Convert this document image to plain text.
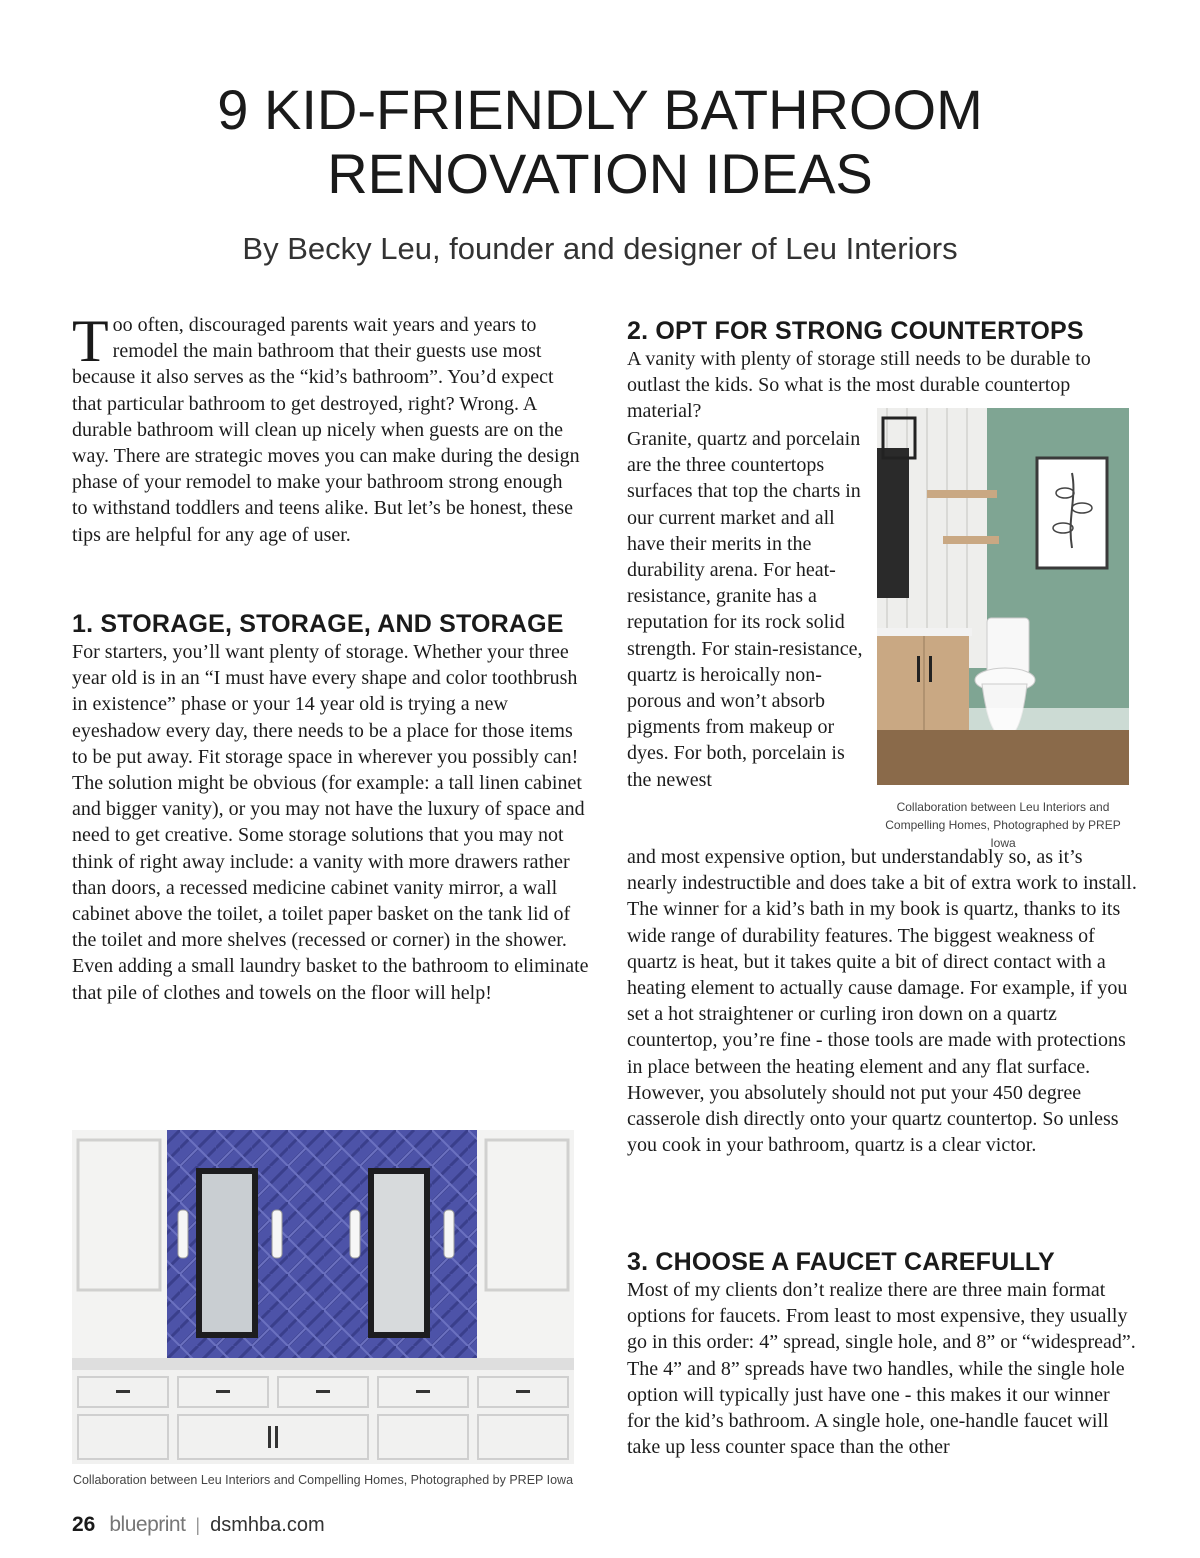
9 KID-FRIENDLY BATHROOM
RENOVATION IDEAS
By Becky Leu, founder and designer of Leu Interiors
Too often, discouraged parents wait years and years to remodel the main bathroom that their guests use most because it also serves as the “kid’s bathroom”. You’d expect that particular bathroom to get destroyed, right? Wrong. A durable bathroom will clean up nicely when guests are on the way. There are strategic moves you can make during the design phase of your remodel to make your bathroom strong enough to withstand toddlers and teens alike. But let’s be honest, these tips are helpful for any age of user.
1. STORAGE, STORAGE, AND STORAGE
For starters, you’ll want plenty of storage. Whether your three year old is in an “I must have every shape and color toothbrush in existence” phase or your 14 year old is trying a new eyeshadow every day, there needs to be a place for those items to be put away. Fit storage space in wherever you possibly can! The solution might be obvious (for example: a tall linen cabinet and bigger vanity), or you may not have the luxury of space and need to get creative. Some storage solutions that you may not think of right away include: a vanity with more drawers rather than doors, a recessed medicine cabinet vanity mirror, a wall cabinet above the toilet, a toilet paper basket on the tank lid of the toilet and more shelves (recessed or corner) in the shower. Even adding a small laundry basket to the bathroom to eliminate that pile of clothes and towels on the floor will help!
Collaboration between Leu Interiors and Compelling Homes, Photographed by PREP Iowa
2. OPT FOR STRONG COUNTERTOPS
A vanity with plenty of storage still needs to be durable to outlast the kids. So what is the most durable countertop material?
Granite, quartz and porcelain are the three countertops surfaces that top the charts in our current market and all have their merits in the durability arena. For heat-resistance, granite has a reputation for its rock solid strength. For stain-resistance, quartz is heroically non-porous and won’t absorb pigments from makeup or dyes. For both, porcelain is the newest
and most expensive option, but understandably so, as it’s nearly indestructible and does take a bit of extra work to install. The winner for a kid’s bath in my book is quartz, thanks to its wide range of durability features. The biggest weakness of quartz is heat, but it takes quite a bit of direct contact with a heating element to actually cause damage. For example, if you set a hot straightener or curling iron down on a quartz countertop, you’re fine - those tools are made with protections in place between the heating element and any flat surface. However, you absolutely should not put your 450 degree casserole dish directly onto your quartz countertop. So unless you cook in your bathroom, quartz is a clear victor.
Collaboration between Leu Interiors and Compelling Homes, Photographed by PREP Iowa
3. CHOOSE A FAUCET CAREFULLY
Most of my clients don’t realize there are three main format options for faucets. From least to most expensive, they usually go in this order: 4” spread, single hole, and 8” or “widespread”. The 4” and 8” spreads have two handles, while the single hole option will typically just have one - this makes it our winner for the kid’s bathroom. A single hole, one-handle faucet will take up less counter space than the other
26 blueprint | dsmhba.com
